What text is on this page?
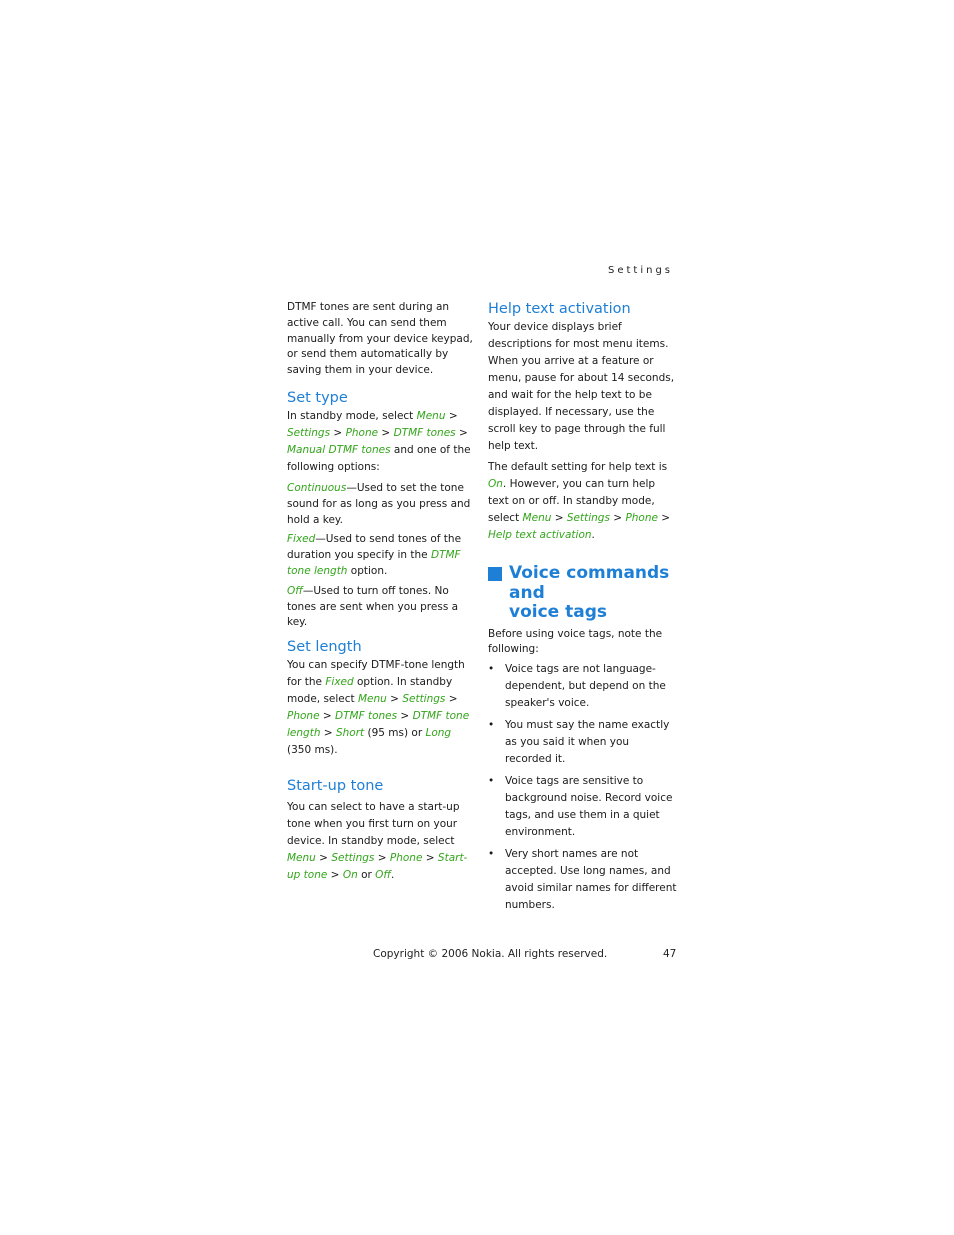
Settings

DTMF tones are sent during an active call. You can send them manually from your device keypad, or send them automatically by saving them in your device.

Set type

In standby mode, select Menu > Settings > Phone > DTMF tones > Manual DTMF tones and one of the following options:

Continuous—Used to set the tone sound for as long as you press and hold a key.

Fixed—Used to send tones of the duration you specify in the DTMF tone length option.

Off—Used to turn off tones. No tones are sent when you press a key.

Set length

You can specify DTMF-tone length for the Fixed option. In standby mode, select Menu > Settings > Phone > DTMF tones > DTMF tone length > Short (95 ms) or Long (350 ms).

Start-up tone

You can select to have a start-up tone when you first turn on your device. In standby mode, select Menu > Settings > Phone > Start-up tone > On or Off.

Help text activation

Your device displays brief descriptions for most menu items. When you arrive at a feature or menu, pause for about 14 seconds, and wait for the help text to be displayed. If necessary, use the scroll key to page through the full help text.

The default setting for help text is On. However, you can turn help text on or off. In standby mode, select Menu > Settings > Phone > Help text activation.

Voice commands and
voice tags

Before using voice tags, note the following:

• Voice tags are not language-dependent, but depend on the speaker's voice.
• You must say the name exactly as you said it when you recorded it.
• Voice tags are sensitive to background noise. Record voice tags, and use them in a quiet environment.
• Very short names are not accepted. Use long names, and avoid similar names for different numbers.
Copyright © 2006 Nokia. All rights reserved.	47
